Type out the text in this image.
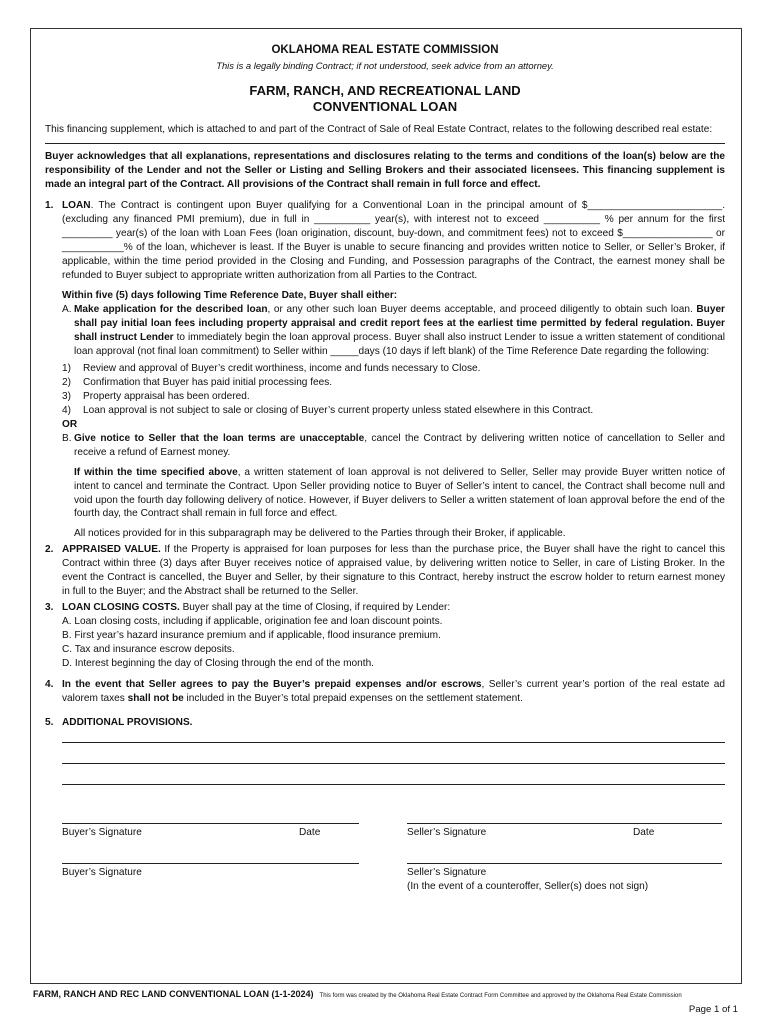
OKLAHOMA REAL ESTATE COMMISSION

This is a legally binding Contract; if not understood, seek advice from an attorney.

FARM, RANCH, AND RECREATIONAL LAND
CONVENTIONAL LOAN

This financing supplement, which is attached to and part of the Contract of Sale of Real Estate Contract, relates to the following described real estate:

Buyer acknowledges that all explanations, representations and disclosures relating to the terms and conditions of the loan(s) below are the responsibility of the Lender and not the Seller or Listing and Selling Brokers and their associated licensees. This financing supplement is made an integral part of the Contract. All provisions of the Contract shall remain in full force and effect.

1. LOAN. The Contract is contingent upon Buyer qualifying for a Conventional Loan in the principal amount of $________________________. (excluding any financed PMI premium), due in full in __________ year(s), with interest not to exceed __________ % per annum for the first _________ year(s) of the loan with Loan Fees (loan origination, discount, buy-down, and commitment fees) not to exceed $________________ or ___________% of the loan, whichever is least. If the Buyer is unable to secure financing and provides written notice to Seller, or Seller’s Broker, if applicable, within the time period provided in the Closing and Funding, and Possession paragraphs of the Contract, the earnest money shall be refunded to Buyer subject to appropriate written authorization from all Parties to the Contract.

Within five (5) days following Time Reference Date, Buyer shall either:

A. Make application for the described loan, or any other such loan Buyer deems acceptable, and proceed diligently to obtain such loan. Buyer shall pay initial loan fees including property appraisal and credit report fees at the earliest time permitted by federal regulation. Buyer shall instruct Lender to immediately begin the loan approval process. Buyer shall also instruct Lender to issue a written statement of conditional loan approval (not final loan commitment) to Seller within _____days (10 days if left blank) of the Time Reference Date regarding the following:

1) Review and approval of Buyer’s credit worthiness, income and funds necessary to Close.
2) Confirmation that Buyer has paid initial processing fees.
3) Property appraisal has been ordered.
4) Loan approval is not subject to sale or closing of Buyer’s current property unless stated elsewhere in this Contract.

OR

B. Give notice to Seller that the loan terms are unacceptable, cancel the Contract by delivering written notice of cancellation to Seller and receive a refund of Earnest money.

If within the time specified above, a written statement of loan approval is not delivered to Seller, Seller may provide Buyer written notice of intent to cancel and terminate the Contract. Upon Seller providing notice to Buyer of Seller’s intent to cancel, the Contract shall become null and void upon the fourth day following delivery of notice. However, if Buyer delivers to Seller a written statement of loan approval before the end of the fourth day, the Contract shall remain in full force and effect.

All notices provided for in this subparagraph may be delivered to the Parties through their Broker, if applicable.

2. APPRAISED VALUE. If the Property is appraised for loan purposes for less than the purchase price, the Buyer shall have the right to cancel this Contract within three (3) days after Buyer receives notice of appraised value, by delivering written notice to Seller, in care of Listing Broker. In the event the Contract is cancelled, the Buyer and Seller, by their signature to this Contract, hereby instruct the escrow holder to return earnest money in full to the Buyer; and the Abstract shall be returned to the Seller.

3. LOAN CLOSING COSTS. Buyer shall pay at the time of Closing, if required by Lender:

A. Loan closing costs, including if applicable, origination fee and loan discount points.

B. First year’s hazard insurance premium and if applicable, flood insurance premium.

C. Tax and insurance escrow deposits.

D. Interest beginning the day of Closing through the end of the month.

4. In the event that Seller agrees to pay the Buyer’s prepaid expenses and/or escrows, Seller’s current year’s portion of the real estate ad valorem taxes shall not be included in the Buyer’s total prepaid expenses on the settlement statement.

5. ADDITIONAL PROVISIONS.

Buyer’s Signature	Date	Seller’s Signature	Date
Buyer’s Signature	Seller’s Signature
(In the event of a counteroffer, Seller(s) does not sign)
FARM, RANCH AND REC LAND CONVENTIONAL LOAN (1-1-2024) This form was created by the Oklahoma Real Estate Contract Form Committee and approved by the Oklahoma Real Estate Commission
Page 1 of 1
